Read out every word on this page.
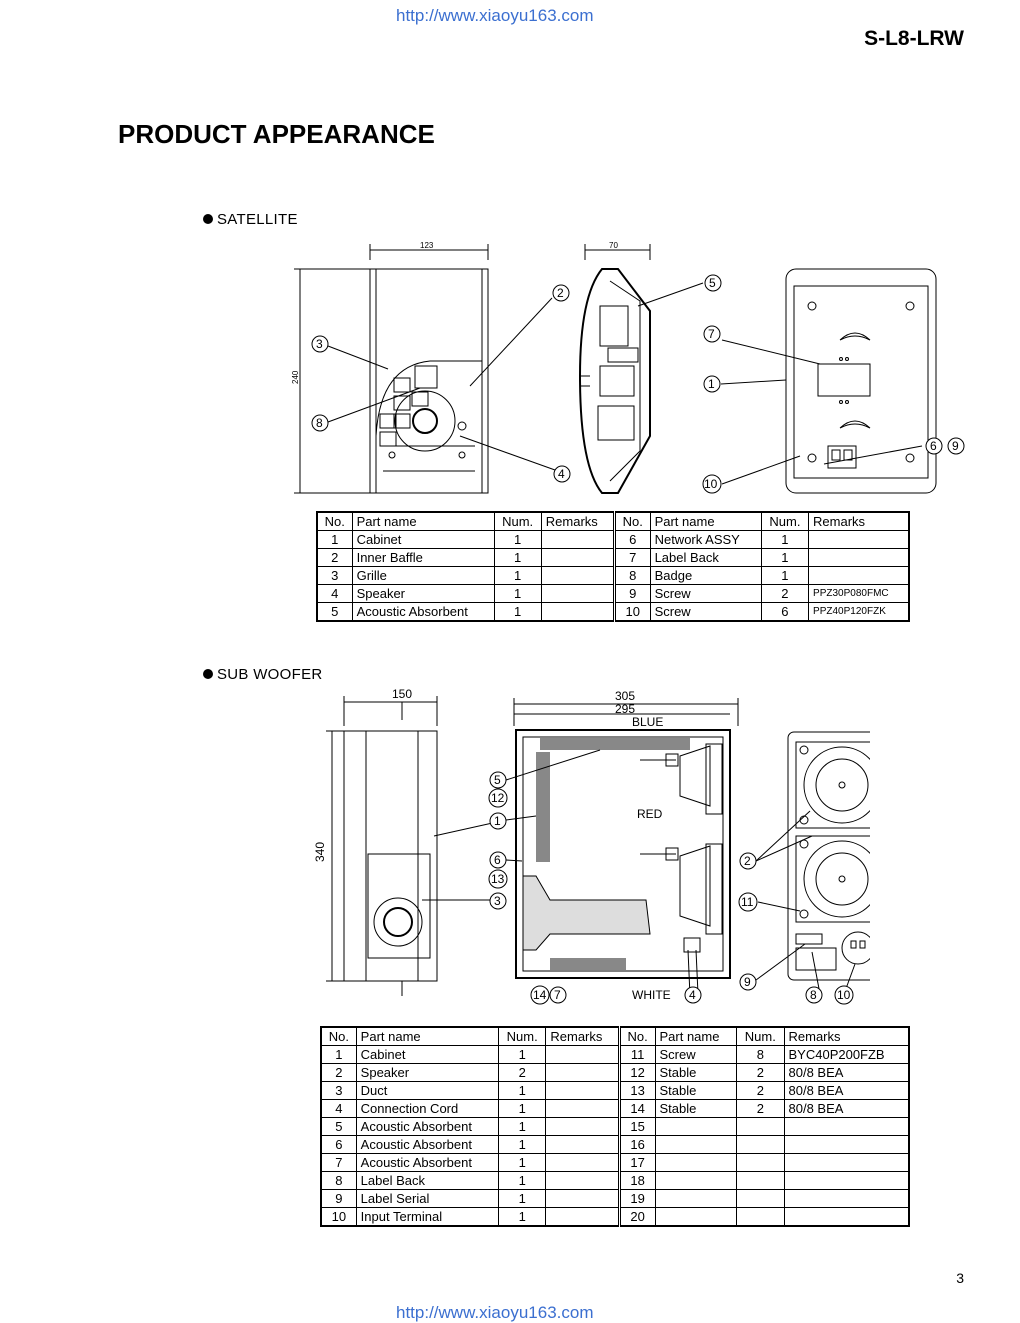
http://www.xiaoyu163.com
S-L8-LRW
PRODUCT APPEARANCE
SATELLITE
123	70
240
3
8
2
4
5
7
1
6 9
10
No.	Part name	Num.	Remarks	No.	Part name	Num.	Remarks
1	Cabinet	1		6	Network ASSY	1	
2	Inner Baffle	1		7	Label Back	1	
3	Grille	1		8	Badge	1	
4	Speaker	1		9	Screw	2	PPZ30P080FMC
5	Acoustic Absorbent	1		10	Screw	6	PPZ40P120FZK
SUB WOOFER
150	305
295
340
BLUE
RED
WHITE
5
12
1
6
13
3
14 7	4
2
11
9
8 10
No.	Part name	Num.	Remarks	No.	Part name	Num.	Remarks
1	Cabinet	1		11	Screw	8	BYC40P200FZB
2	Speaker	2		12	Stable	2	80/8 BEA
3	Duct	1		13	Stable	2	80/8 BEA
4	Connection Cord	1		14	Stable	2	80/8 BEA
5	Acoustic Absorbent	1		15			
6	Acoustic Absorbent	1		16			
7	Acoustic Absorbent	1		17			
8	Label Back	1		18			
9	Label Serial	1		19			
10	Input Terminal	1		20			
3
http://www.xiaoyu163.com
